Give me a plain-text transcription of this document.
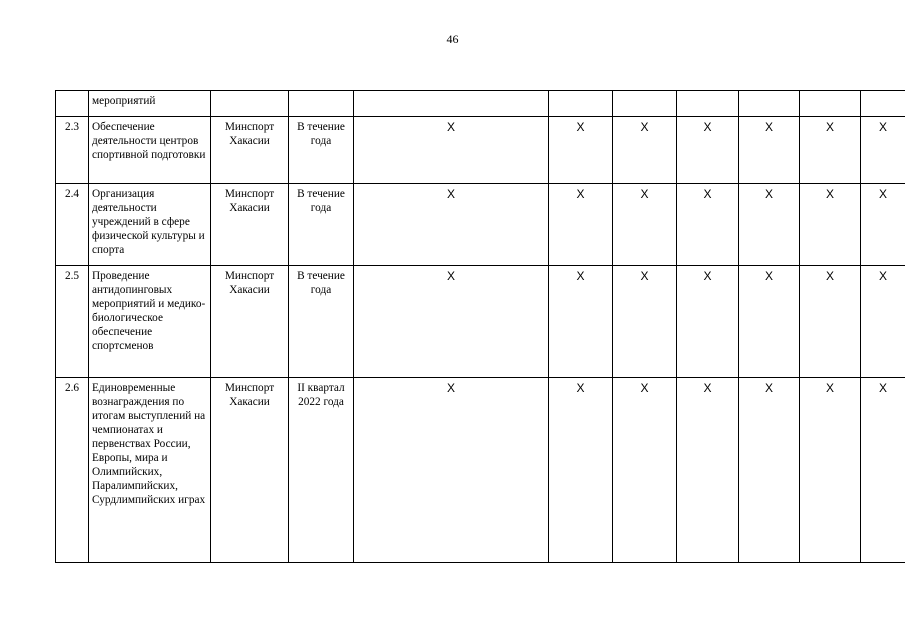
46
	мероприятий									
2.3	Обеспечение деятельности центров спортивной подготовки	Минспорт Хакасии	В течение года	X	X	X	X	X	X	X
2.4	Организация деятельности учреждений в сфере физической культуры и спорта	Минспорт Хакасии	В течение года	X	X	X	X	X	X	X
2.5	Проведение антидопинговых мероприятий и медико-биологическое обеспечение спортсменов	Минспорт Хакасии	В течение года	X	X	X	X	X	X	X
2.6	Единовременные вознаграждения по итогам выступлений на чемпионатах и первенствах России, Европы, мира и Олимпийских, Паралимпийских, Сурдлимпийских играх	Минспорт Хакасии	II квартал 2022 года	X	X	X	X	X	X	X
